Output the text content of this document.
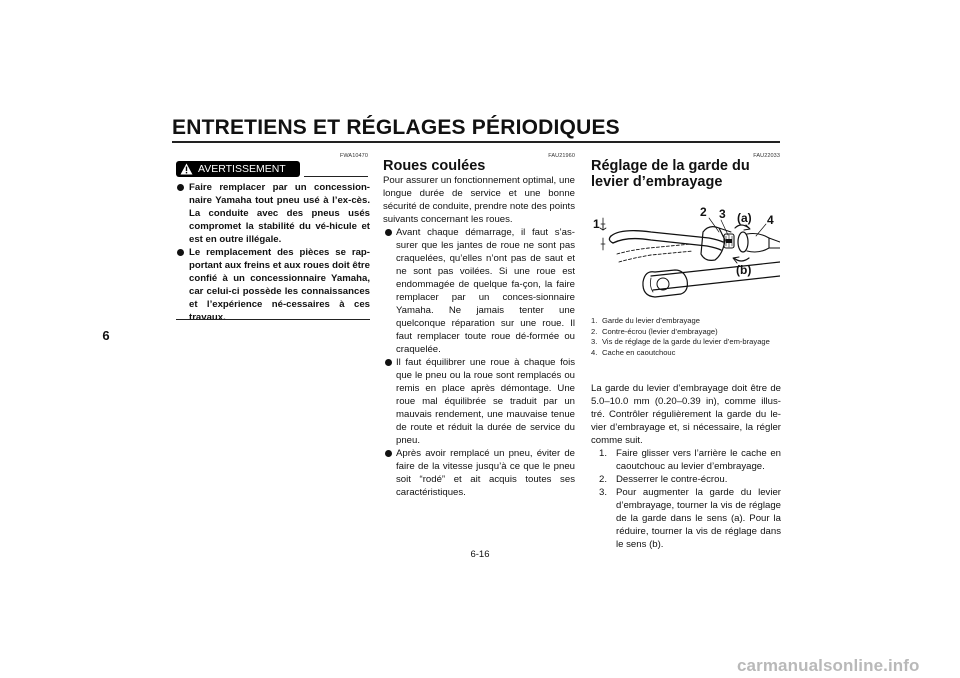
ENTRETIENS ET RÉGLAGES PÉRIODIQUES
6
FWA10470
AVERTISSEMENT
Faire remplacer par un concession-naire Yamaha tout pneu usé à l’ex-cès. La conduite avec des pneus usés compromet la stabilité du vé-hicule et est en outre illégale.
Le remplacement des pièces se rap-portant aux freins et aux roues doit être confié à un concessionnaire Yamaha, car celui-ci possède les connaissances et l’expérience né-cessaires à ces travaux.
FAU21960
Roues coulées
Pour assurer un fonctionnement optimal, une longue durée de service et une bonne sécurité de conduite, prendre note des points suivants concernant les roues.
Avant chaque démarrage, il faut s’as-surer que les jantes de roue ne sont pas craquelées, qu’elles n’ont pas de saut et ne sont pas voilées. Si une roue est endommagée de quelque fa-çon, la faire remplacer par un conces-sionnaire Yamaha. Ne jamais tenter une quelconque réparation sur une roue. Il faut remplacer toute roue dé-formée ou craquelée.
Il faut équilibrer une roue à chaque fois que le pneu ou la roue sont remplacés ou remis en place après démontage. Une roue mal équilibrée se traduit par un mauvais rendement, une mauvaise tenue de route et réduit la durée de service du pneu.
Après avoir remplacé un pneu, éviter de faire de la vitesse jusqu’à ce que le pneu soit “rodé” et ait acquis toutes ses caractéristiques.
FAU22033
Réglage de la garde du levier d’embrayage
1
2 3 (a) 4
(b)
1. Garde du levier d’embrayage
2. Contre-écrou (levier d’embrayage)
3. Vis de réglage de la garde du levier d’em-brayage
4. Cache en caoutchouc
La garde du levier d’embrayage doit être de 5.0–10.0 mm (0.20–0.39 in), comme illus-tré. Contrôler régulièrement la garde du le-vier d’embrayage et, si nécessaire, la régler comme suit.
1. Faire glisser vers l’arrière le cache en caoutchouc au levier d’embrayage.
2. Desserrer le contre-écrou.
3. Pour augmenter la garde du levier d’embrayage, tourner la vis de réglage de la garde dans le sens (a). Pour la réduire, tourner la vis de réglage dans le sens (b).
6-16
carmanualsonline.info
